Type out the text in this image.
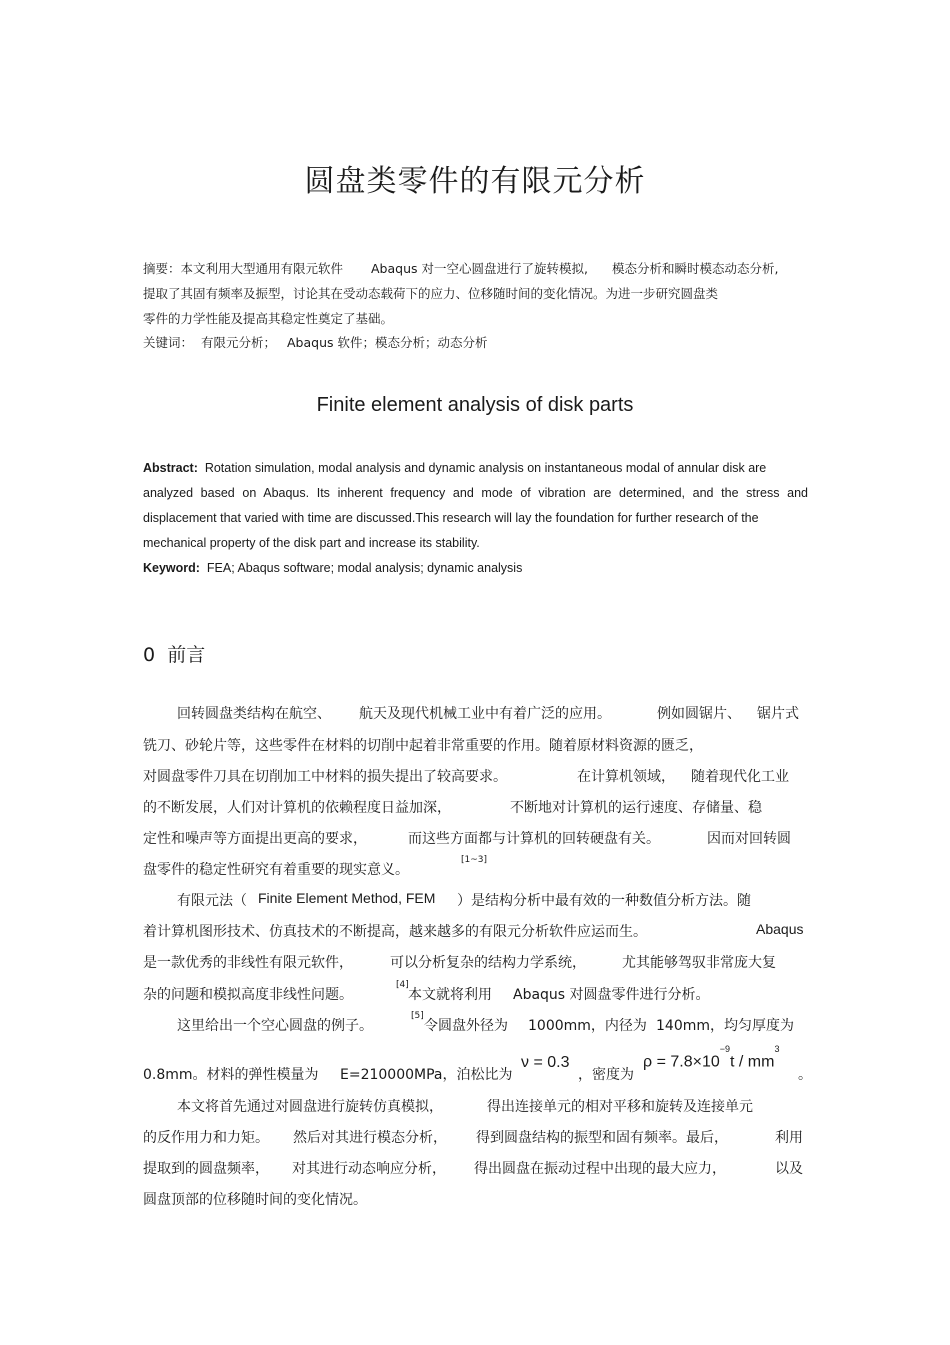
圆盘类零件的有限元分析
摘要：本文利用大型通用有限元软件 Abaqus 对一空心圆盘进行了旋转模拟, 模态分析和瞬时模态动态分析,
提取了其固有频率及振型，讨论其在受动态载荷下的应力、位移随时间的变化情况。为进一步研究圆盘类
零件的力学性能及提高其稳定性奠定了基础。
关键词： 有限元分析； Abaqus 软件；模态分析；动态分析
Finite element analysis of disk parts
Abstract: Rotation simulation, modal analysis and dynamic analysis on instantaneous modal of annular disk are
analyzed based on Abaqus. Its inherent frequency and mode of vibration are determined, and the stress and
displacement that varied with time are discussed.This research will lay the foundation for further research of the
mechanical property of the disk part and increase its stability.
Keyword: FEA; Abaqus software; modal analysis; dynamic analysis
0 前言
回转圆盘类结构在航空、 航天及现代机械工业中有着广泛的应用。	例如圆锯片、 锯片式
铣刀、砂轮片等，这些零件在材料的切削中起着非常重要的作用。随着原材料资源的匮乏，
对圆盘零件刀具在切削加工中材料的损失提出了较高要求。	在计算机领域， 随着现代化工业
的不断发展，人们对计算机的依赖程度日益加深，	不断地对计算机的运行速度、存储量、稳
定性和噪声等方面提出更高的要求，	而这些方面都与计算机的回转硬盘有关。	因而对回转圆
盘零件的稳定性研究有着重要的现实意义。
[1~3]
有限元法（ Finite Element Method, FEM ）是结构分析中最有效的一种数值分析方法。随
着计算机图形技术、仿真技术的不断提高，越来越多的有限元分析软件应运而生。	Abaqus
是一款优秀的非线性有限元软件，	可以分析复杂的结构力学系统，	尤其能够驾驭非常庞大复
杂的问题和模拟高度非线性问题。
[4]
本文就将利用 Abaqus 对圆盘零件进行分析。
这里给出一个空心圆盘的例子。
[5]
令圆盘外径为 1000mm，内径为 140mm，均匀厚度为
0.8mm。材料的弹性模量为 E=210000MPa，泊松比为
ν = 0.3
，密度为
$\rho = 7.8\times 10^{-9}t / mm^3$
。
本文将首先通过对圆盘进行旋转仿真模拟，	得出连接单元的相对平移和旋转及连接单元
的反作用力和力矩。 然后对其进行模态分析， 得到圆盘结构的振型和固有频率。最后，	利用
提取到的圆盘频率， 对其进行动态响应分析， 得出圆盘在振动过程中出现的最大应力，	以及
圆盘顶部的位移随时间的变化情况。
